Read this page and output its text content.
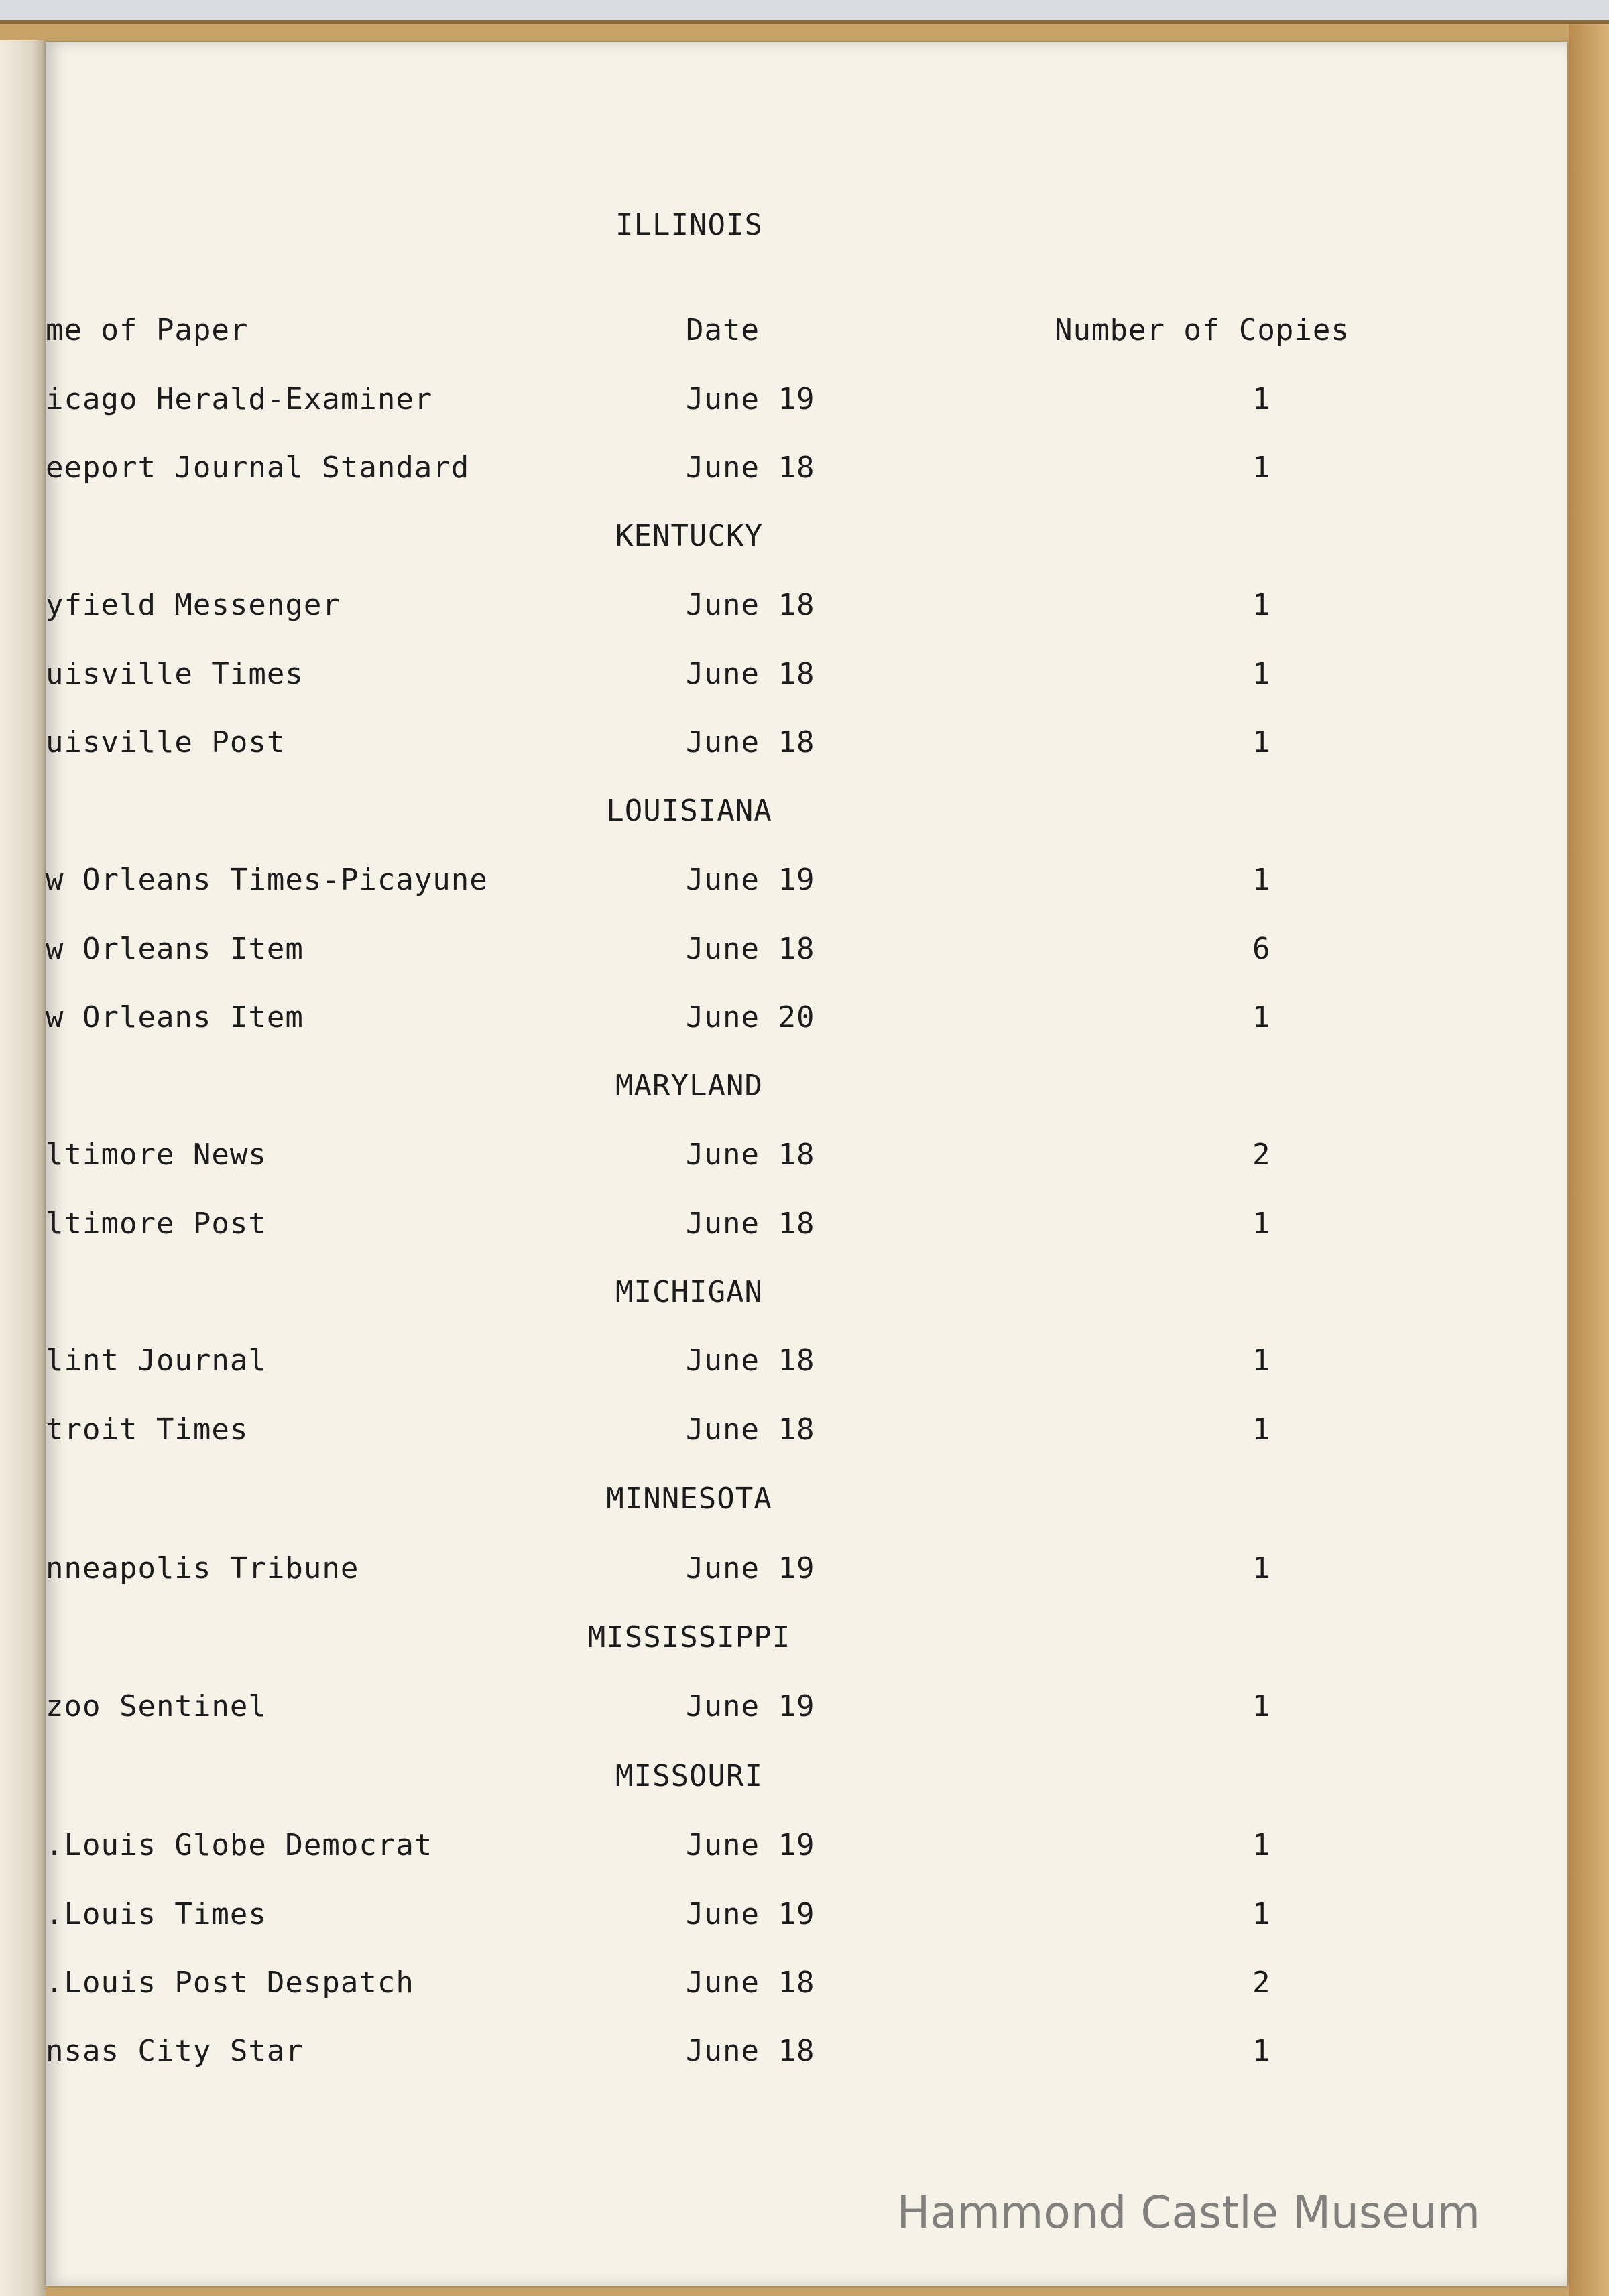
ILLINOIS
me of Paper	Date	Number of Copies
icago Herald-Examiner	June 19	1
eeport Journal Standard	June 18	1
KENTUCKY
yfield Messenger	June 18	1
uisville Times	June 18	1
uisville Post	June 18	1
LOUISIANA
w Orleans Times-Picayune	June 19	1
w Orleans Item	June 18	6
w Orleans Item	June 20	1
MARYLAND
ltimore News	June 18	2
ltimore Post	June 18	1
MICHIGAN
lint Journal	June 18	1
troit Times	June 18	1
MINNESOTA
nneapolis Tribune	June 19	1
MISSISSIPPI
zoo Sentinel	June 19	1
MISSOURI
.Louis Globe Democrat	June 19	1
.Louis Times	June 19	1
.Louis Post Despatch	June 18	2
nsas City Star	June 18	1
Hammond Castle Museum
